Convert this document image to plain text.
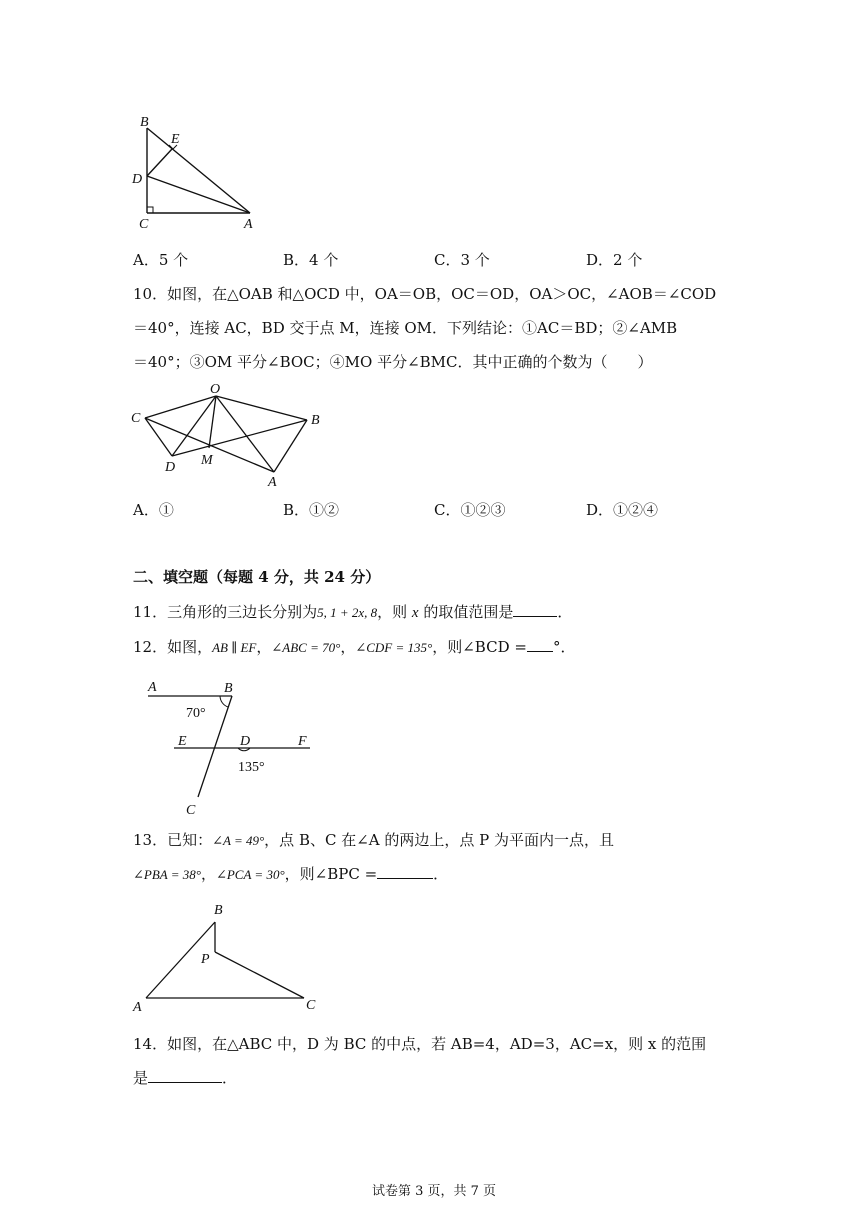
B
E
D
C	A
A．5 个	B．4 个	C．3 个	D．2 个
10．如图，在△OAB 和△OCD 中，OA＝OB，OC＝OD，OA＞OC，∠AOB＝∠COD
＝40°，连接 AC，BD 交于点 M，连接 OM．下列结论：①AC＝BD；②∠AMB
＝40°；③OM 平分∠BOC；④MO 平分∠BMC．其中正确的个数为（　　）
O
C	B
D M
A
A．①	B．①②	C．①②③	D．①②④
二、填空题（每题 4 分，共 24 分）
11．三角形的三边长分别为5, 1 + 2x, 8，则 x 的取值范围是	．
12．如图，AB ∥ EF，∠ABC = 70°，∠CDF = 135°，则∠BCD = °．
A	B
70°
E	D	F
135°
C
13．已知：∠A = 49°，点 B、C 在∠A 的两边上，点 P 为平面内一点，且
∠PBA = 38°，∠PCA = 30°，则∠BPC =	．
B
P
A	C
14．如图，在△ABC 中，D 为 BC 的中点，若 AB=4，AD=3，AC=x，则 x 的范围
是	．
试卷第 3 页，共 7 页
